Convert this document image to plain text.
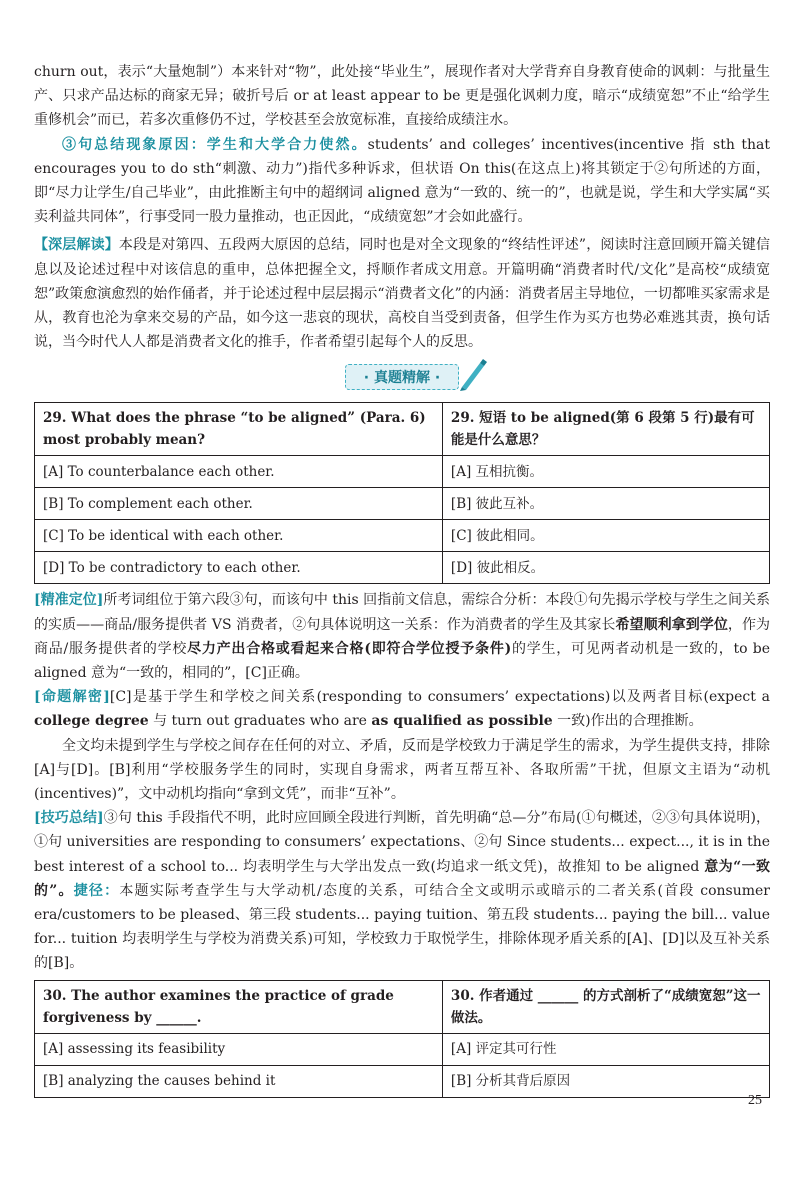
churn out，表示“大量炮制”）本来针对“物”，此处接“毕业生”，展现作者对大学背弃自身教育使命的讽刺：与批量生产、只求产品达标的商家无异；破折号后 or at least appear to be 更是强化讽刺力度，暗示“成绩宽恕”不止“给学生重修机会”而已，若多次重修仍不过，学校甚至会放宽标准，直接给成绩注水。

③句总结现象原因：学生和大学合力使然。students’ and colleges’ incentives(incentive 指 sth that encourages you to do sth“刺激、动力”)指代多种诉求，但状语 On this(在这点上)将其锁定于②句所述的方面，即“尽力让学生/自己毕业”，由此推断主句中的超纲词 aligned 意为“一致的、统一的”，也就是说，学生和大学实属“买卖利益共同体”，行事受同一股力量推动，也正因此，“成绩宽恕”才会如此盛行。

【深层解读】本段是对第四、五段两大原因的总结，同时也是对全文现象的“终结性评述”，阅读时注意回顾开篇关键信息以及论述过程中对该信息的重申，总体把握全文，捋顺作者成文用意。开篇明确“消费者时代/文化”是高校“成绩宽恕”政策愈演愈烈的始作俑者，并于论述过程中层层揭示“消费者文化”的内涵：消费者居主导地位，一切都唯买家需求是从，教育也沦为拿来交易的产品，如今这一悲哀的现状，高校自当受到责备，但学生作为买方也势必难逃其责，换句话说，当今时代人人都是消费者文化的推手，作者希望引起每个人的反思。

· 真题精解 ·
29. What does the phrase “to be aligned” (Para. 6) most probably mean?	29. 短语 to be aligned(第 6 段第 5 行)最有可能是什么意思？
[A] To counterbalance each other.	[A] 互相抗衡。
[B] To complement each other.	[B] 彼此互补。
[C] To be identical with each other.	[C] 彼此相同。
[D] To be contradictory to each other.	[D] 彼此相反。

[精准定位]所考词组位于第六段③句，而该句中 this 回指前文信息，需综合分析：本段①句先揭示学校与学生之间关系的实质——商品/服务提供者 VS 消费者，②句具体说明这一关系：作为消费者的学生及其家长希望顺利拿到学位，作为商品/服务提供者的学校尽力产出合格或看起来合格(即符合学位授予条件)的学生，可见两者动机是一致的，to be aligned 意为“一致的，相同的”，[C]正确。

[命题解密][C]是基于学生和学校之间关系(responding to consumers’ expectations)以及两者目标(expect a college degree 与 turn out graduates who are as qualified as possible 一致)作出的合理推断。

全文均未提到学生与学校之间存在任何的对立、矛盾，反而是学校致力于满足学生的需求，为学生提供支持，排除[A]与[D]。[B]利用“学校服务学生的同时，实现自身需求，两者互帮互补、各取所需”干扰，但原文主语为“动机(incentives)”，文中动机均指向“拿到文凭”，而非“互补”。

[技巧总结]③句 this 手段指代不明，此时应回顾全段进行判断，首先明确“总—分”布局(①句概述，②③句具体说明)，①句 universities are responding to consumers’ expectations、②句 Since students... expect..., it is in the best interest of a school to... 均表明学生与大学出发点一致(均追求一纸文凭)，故推知 to be aligned 意为“一致的”。捷径：本题实际考查学生与大学动机/态度的关系，可结合全文或明示或暗示的二者关系(首段 consumer era/customers to be pleased、第三段 students... paying tuition、第五段 students... paying the bill... value for... tuition 均表明学生与学校为消费关系)可知，学校致力于取悦学生，排除体现矛盾关系的[A]、[D]以及互补关系的[B]。

30. The author examines the practice of grade forgiveness by ______.	30. 作者通过 ______ 的方式剖析了“成绩宽恕”这一做法。
[A] assessing its feasibility	[A] 评定其可行性
[B] analyzing the causes behind it	[B] 分析其背后原因
25
